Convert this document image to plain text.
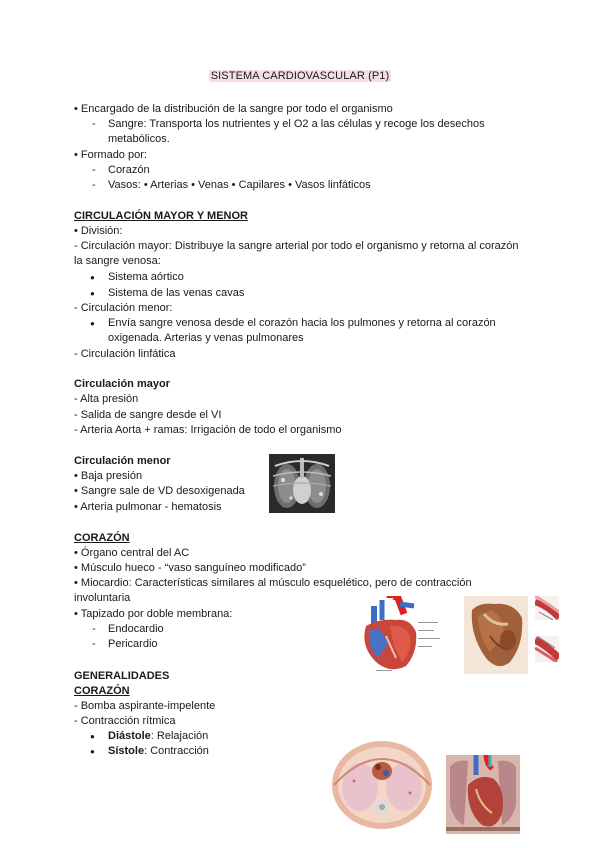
SISTEMA CARDIOVASCULAR (P1)
• Encargado de la distribución de la sangre por todo el organismo
- Sangre: Transporta los nutrientes y el O2 a las células y recoge los desechos
metabólicos.
• Formado por:
- Corazón
- Vasos: • Arterias • Venas • Capilares • Vasos linfáticos
CIRCULACIÓN MAYOR Y MENOR
• División:
- Circulación mayor: Distribuye la sangre arterial por todo el organismo y retorna al corazón
la sangre venosa:
● Sistema aórtico
● Sistema de las venas cavas
- Circulación menor:
● Envía sangre venosa desde el corazón hacia los pulmones y retorna al corazón
oxigenada. Arterias y venas pulmonares
- Circulación linfática
Circulación mayor
- Alta presión
- Salida de sangre desde el VI
- Arteria Aorta + ramas: Irrigación de todo el organismo
Circulación menor
• Baja presión
• Sangre sale de VD desoxigenada
• Arteria pulmonar - hematosis
CORAZÓN
• Órgano central del AC
• Músculo hueco - “vaso sanguíneo modificado”
• Miocardio: Características similares al músculo esquelético, pero de contracción
involuntaria
• Tapizado por doble membrana:
- Endocardio
- Pericardio
GENERALIDADES
CORAZÓN
- Bomba aspirante-impelente
- Contracción rítmica
● Diástole: Relajación
● Sístole: Contracción
